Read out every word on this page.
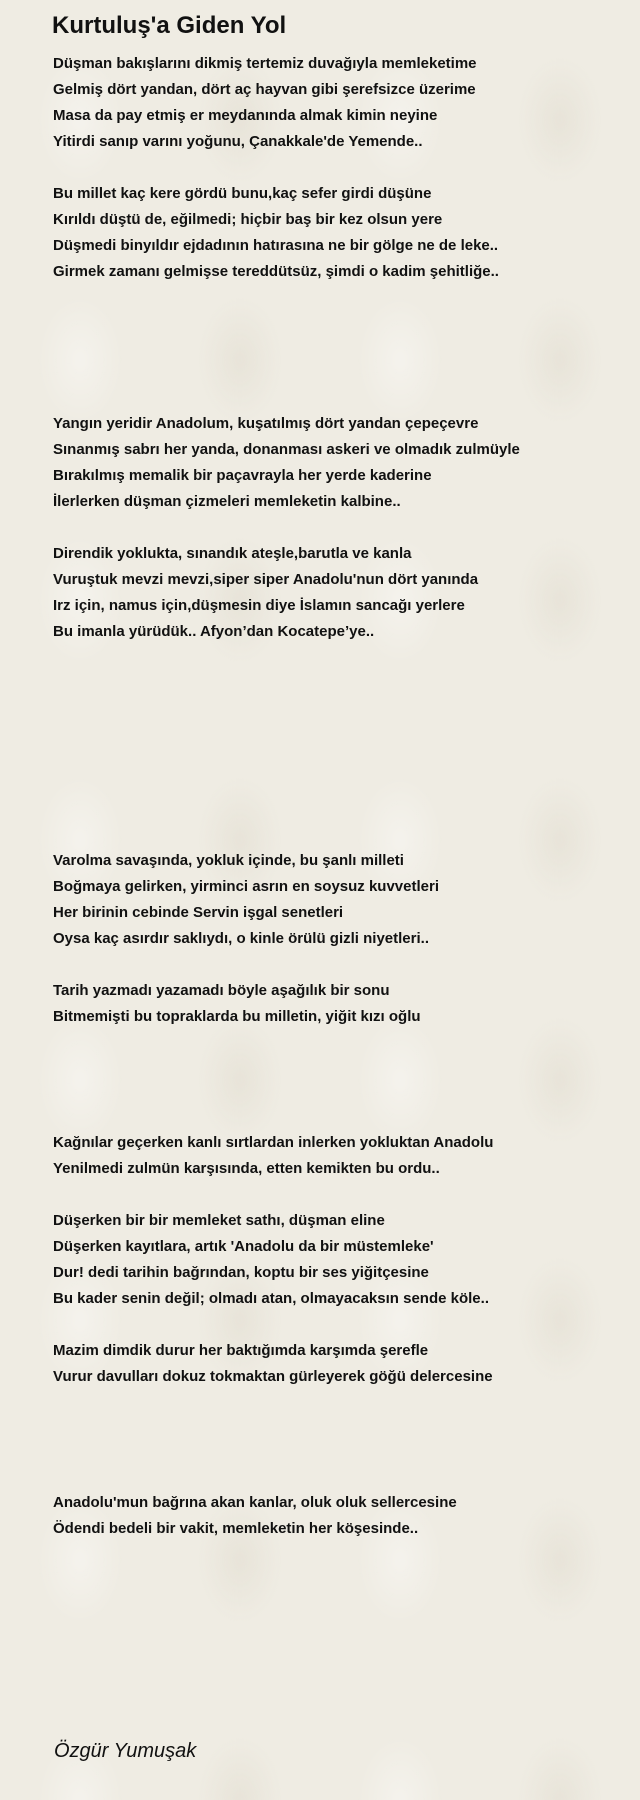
Kurtuluş'a Giden Yol
Düşman bakışlarını dikmiş tertemiz duvağıyla memleketime
Gelmiş dört yandan, dört aç hayvan gibi şerefsizce üzerime
Masa da pay etmiş er meydanında almak kimin neyine
Yitirdi sanıp varını yoğunu, Çanakkale'de Yemende..
Bu millet kaç kere gördü bunu,kaç sefer girdi düşüne
Kırıldı düştü de, eğilmedi; hiçbir baş bir kez olsun yere
Düşmedi binyıldır ejdadının hatırasına ne bir gölge ne de leke..
Girmek zamanı gelmişse tereddütsüz, şimdi o kadim şehitliğe..
Yangın yeridir Anadolum, kuşatılmış dört yandan çepeçevre
Sınanmış sabrı her yanda, donanması askeri ve olmadık zulmüyle
Bırakılmış memalik bir paçavrayla her yerde kaderine
İlerlerken düşman çizmeleri memleketin kalbine..
Direndik yoklukta, sınandık ateşle,barutla ve kanla
Vuruştuk mevzi mevzi,siper siper Anadolu'nun dört yanında
Irz için, namus için,düşmesin diye İslamın sancağı yerlere
Bu imanla yürüdük.. Afyon’dan Kocatepe’ye..
Varolma savaşında, yokluk içinde, bu şanlı milleti
Boğmaya gelirken, yirminci asrın en soysuz kuvvetleri
Her birinin cebinde Servin işgal senetleri
Oysa kaç asırdır saklıydı, o kinle örülü gizli niyetleri..
Tarih yazmadı yazamadı böyle aşağılık bir sonu
Bitmemişti bu topraklarda bu milletin, yiğit kızı oğlu
Kağnılar geçerken kanlı sırtlardan inlerken yokluktan Anadolu
Yenilmedi zulmün karşısında, etten kemikten bu ordu..
Düşerken bir bir memleket sathı, düşman eline
Düşerken kayıtlara, artık 'Anadolu da bir müstemleke'
Dur! dedi tarihin bağrından, koptu bir ses yiğitçesine
Bu kader senin değil; olmadı atan, olmayacaksın sende köle..
Mazim dimdik durur her baktığımda karşımda şerefle
Vurur davulları dokuz tokmaktan gürleyerek göğü delercesine
Anadolu'mun bağrına akan kanlar, oluk oluk sellercesine
Ödendi bedeli bir vakit, memleketin her köşesinde..
Özgür Yumuşak
